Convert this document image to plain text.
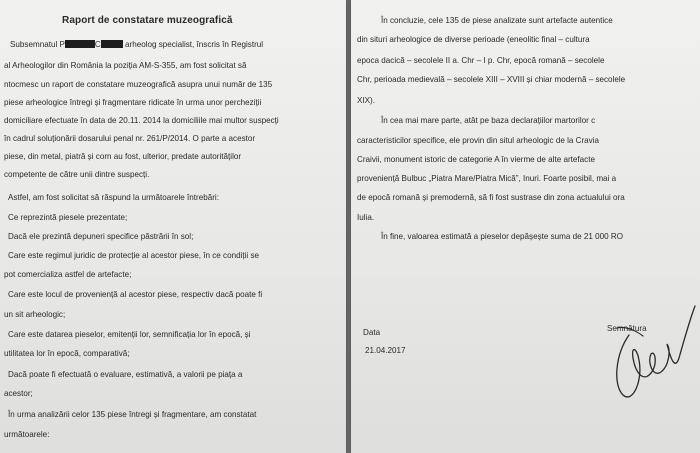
Raport de constatare muzeografică
Subsemnatul P	C	arheolog specialist, înscris în Registrul
al Arheologilor din România la poziția AM-S-355, am fost solicitat să
ntocmesc un raport de constatare muzeografică asupra unui număr de 135
piese arheologice întregi și fragmentare ridicate în urma unor percheziții
domiciliare efectuate în data de 20.11. 2014 la domiciliile mai multor suspecți
în cadrul soluționării dosarului penal nr. 261/P/2014. O parte a acestor
piese, din metal, piatră și corn au fost, ulterior, predate autorităților
competente de către unii dintre suspecți.
Astfel, am fost solicitat să răspund la următoarele întrebări:
Ce reprezintă piesele prezentate;
Dacă ele prezintă depuneri specifice păstrării în sol;
Care este regimul juridic de protecție al acestor piese, în ce condiții se
pot comercializa astfel de artefacte;
Care este locul de proveniență al acestor piese, respectiv dacă poate fi
un sit arheologic;
Care este datarea pieselor, emitenții lor, semnificația lor în epocă, și
utilitatea lor în epocă, comparativă;
Dacă poate fi efectuată o evaluare, estimativă, a valorii pe piața a
acestor;
În urma analizării celor 135 piese întregi și fragmentare, am constatat
următoarele:
În concluzie, cele 135 de piese analizate sunt artefacte autentice
din situri arheologice de diverse perioade (eneolitic final – cultura
epoca dacică – secolele II a. Chr – I p. Chr, epocă romană – secolele
Chr, perioada medievală – secolele XIII – XVIII și chiar modernă – secolele
XIX).
În cea mai mare parte, atât pe baza declarațiilor martorilor c
caracteristicilor specifice, ele provin din situl arheologic de la Cravia
Craivii, monument istoric de categorie A în vierme de alte artefacte
proveniență Bulbuc „Piatra Mare/Piatra Mică”, Inuri. Foarte posibil, mai a
de epocă romană și premodernă, să fi fost sustrase din zona actualului ora
Iulia.
În fine, valoarea estimată a pieselor depășește suma de 21 000 RO
Data
21.04.2017
Semnătura
